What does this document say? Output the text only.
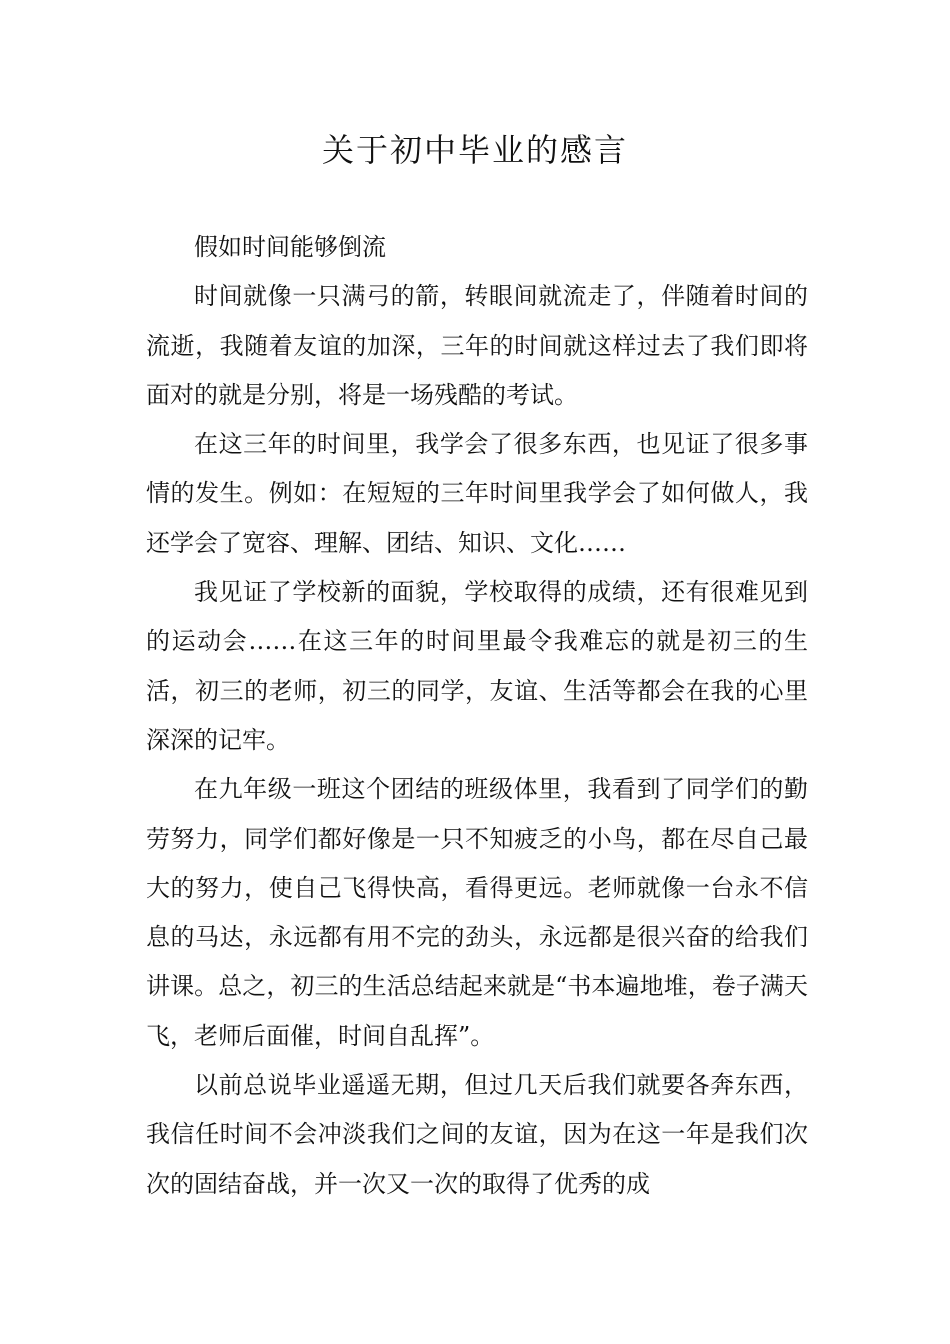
关于初中毕业的感言

假如时间能够倒流

时间就像一只满弓的箭，转眼间就流走了，伴随着时间的流逝，我随着友谊的加深，三年的时间就这样过去了我们即将面对的就是分别，将是一场残酷的考试。

在这三年的时间里，我学会了很多东西，也见证了很多事情的发生。例如：在短短的三年时间里我学会了如何做人，我还学会了宽容、理解、团结、知识、文化……

我见证了学校新的面貌，学校取得的成绩，还有很难见到的运动会……在这三年的时间里最令我难忘的就是初三的生活，初三的老师，初三的同学，友谊、生活等都会在我的心里深深的记牢。

在九年级一班这个团结的班级体里，我看到了同学们的勤劳努力，同学们都好像是一只不知疲乏的小鸟，都在尽自己最大的努力，使自己飞得快高，看得更远。老师就像一台永不信息的马达，永远都有用不完的劲头，永远都是很兴奋的给我们讲课。总之，初三的生活总结起来就是“书本遍地堆，卷子满天飞，老师后面催，时间自乱挥”。

以前总说毕业遥遥无期，但过几天后我们就要各奔东西，我信任时间不会冲淡我们之间的友谊，因为在这一年是我们次次的固结奋战，并一次又一次的取得了优秀的成
